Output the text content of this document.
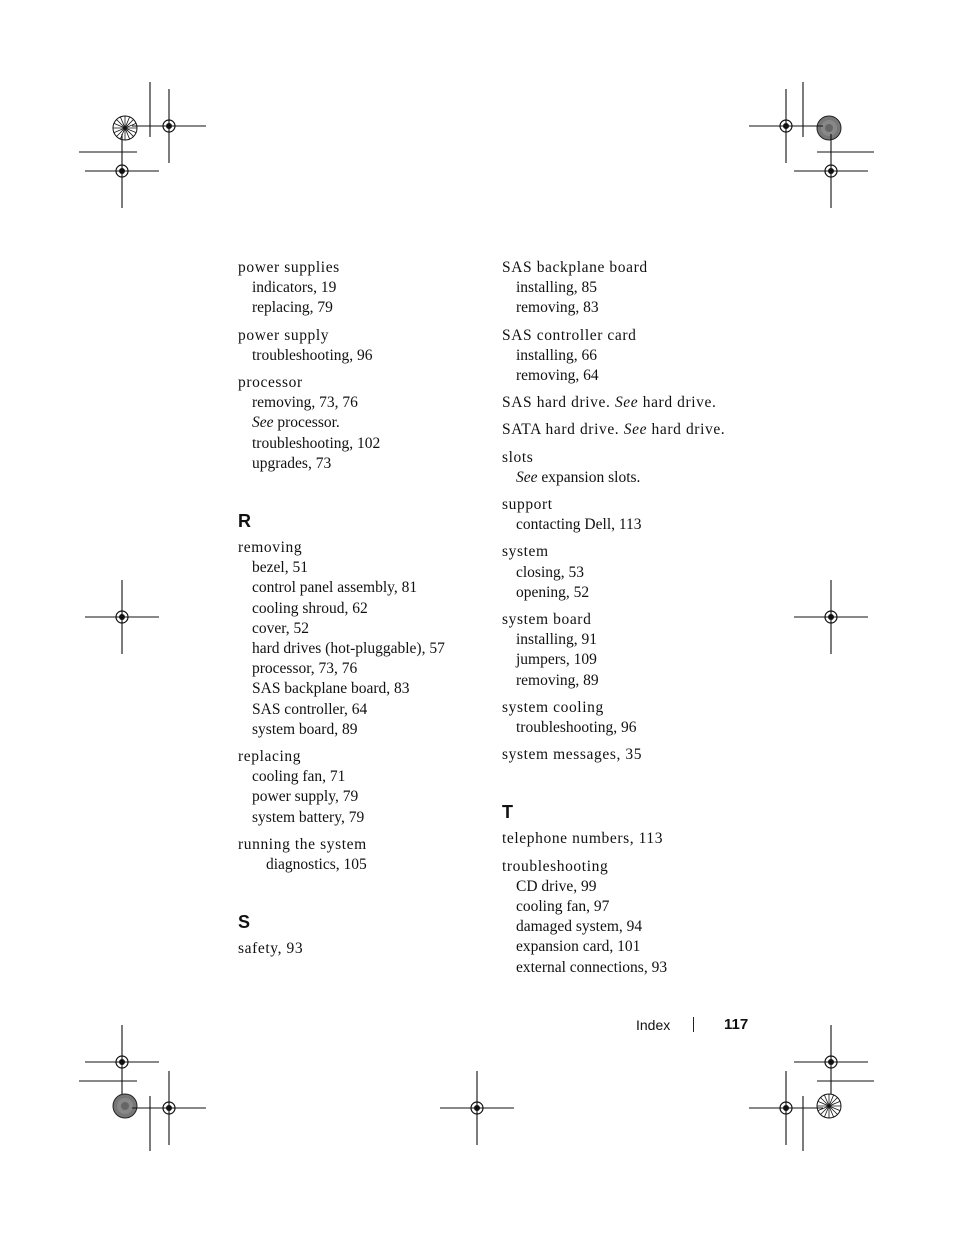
power supplies
indicators, 19
replacing, 79
power supply
troubleshooting, 96
processor
removing, 73, 76
See processor.
troubleshooting, 102
upgrades, 73
R
removing
bezel, 51
control panel assembly, 81
cooling shroud, 62
cover, 52
hard drives (hot-pluggable), 57
processor, 73, 76
SAS backplane board, 83
SAS controller, 64
system board, 89
replacing
cooling fan, 71
power supply, 79
system battery, 79
running the system
diagnostics, 105
S
safety, 93
SAS backplane board
installing, 85
removing, 83
SAS controller card
installing, 66
removing, 64
SAS hard drive. See hard drive.
SATA hard drive. See hard drive.
slots
See expansion slots.
support
contacting Dell, 113
system
closing, 53
opening, 52
system board
installing, 91
jumpers, 109
removing, 89
system cooling
troubleshooting, 96
system messages, 35
T
telephone numbers, 113
troubleshooting
CD drive, 99
cooling fan, 97
damaged system, 94
expansion card, 101
external connections, 93
Index	117
